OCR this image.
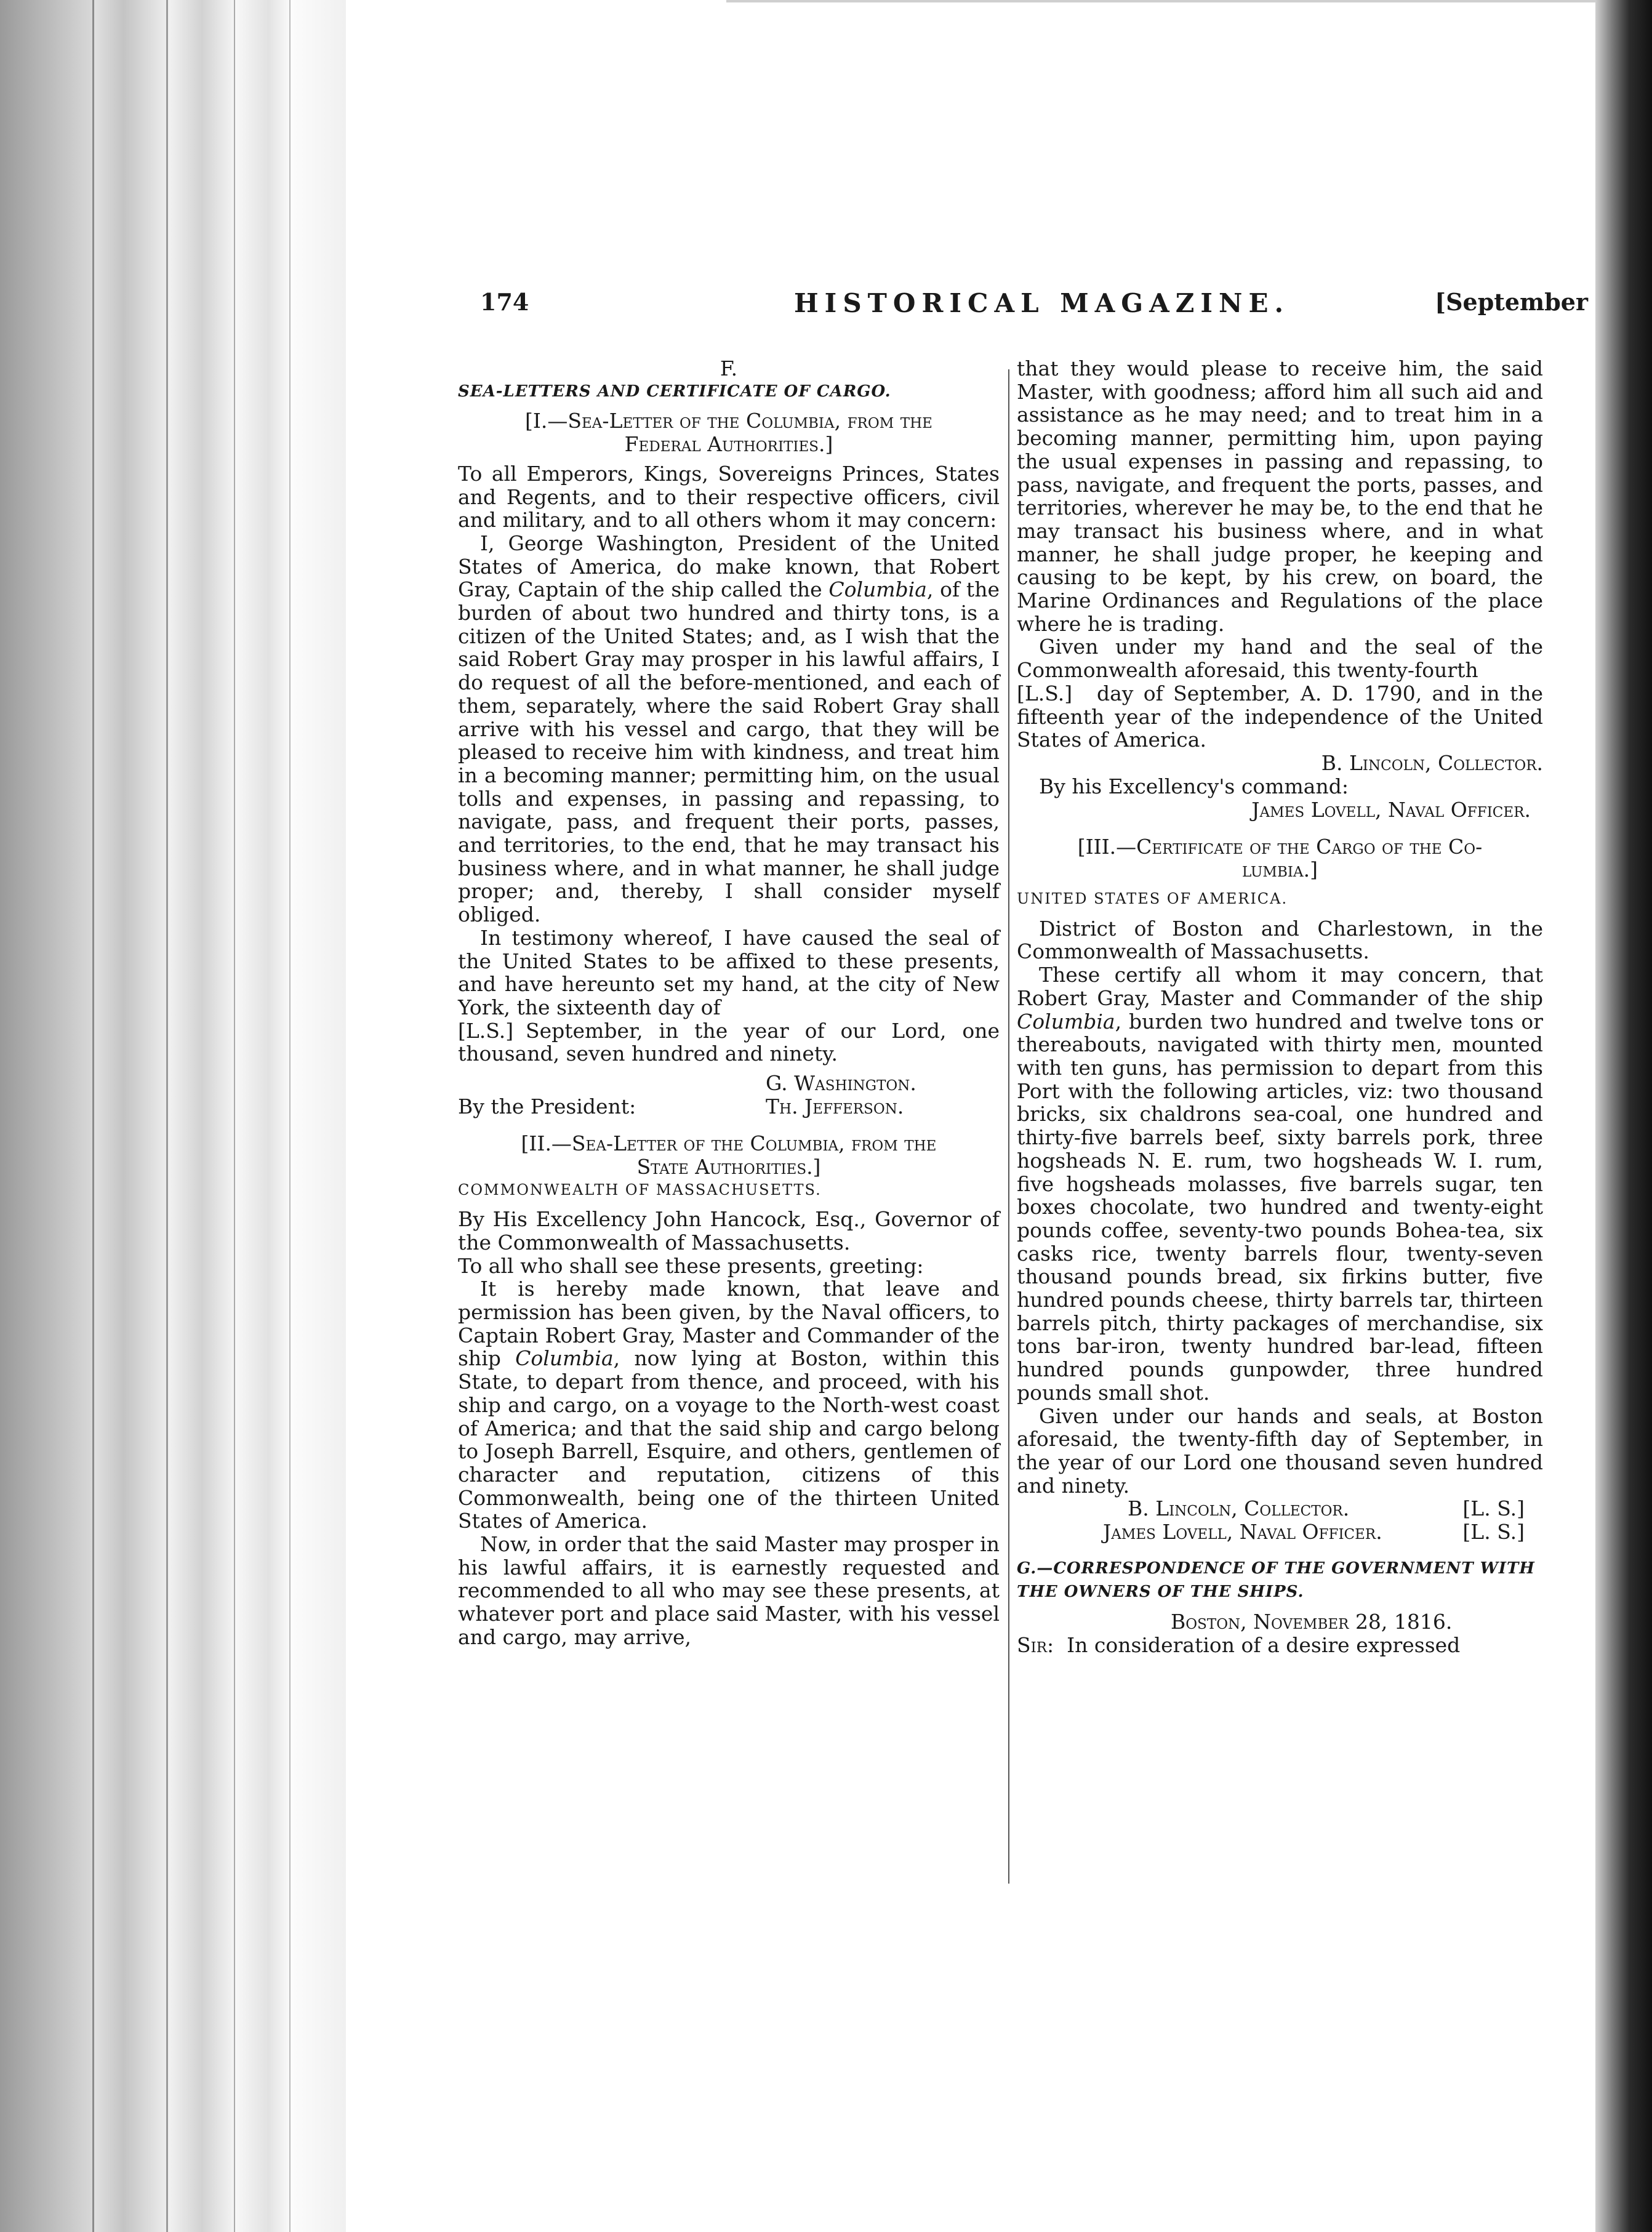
174	HISTORICAL MAGAZINE.	[September

F.

SEA-LETTERS AND CERTIFICATE OF CARGO.

[I.—Sea-Letter of the Columbia, from the

Federal Authorities.]

To all Emperors, Kings, Sovereigns Princes, States and Regents, and to their respective officers, civil and military, and to all others whom it may concern:

I, George Washington, President of the United States of America, do make known, that Robert Gray, Captain of the ship called the Columbia, of the burden of about two hundred and thirty tons, is a citizen of the United States; and, as I wish that the said Robert Gray may prosper in his lawful affairs, I do request of all the before-mentioned, and each of them, separately, where the said Robert Gray shall arrive with his vessel and cargo, that they will be pleased to receive him with kindness, and treat him in a becoming manner; permitting him, on the usual tolls and expenses, in passing and repassing, to navigate, pass, and frequent their ports, passes, and territories, to the end, that he may transact his business where, and in what manner, he shall judge proper; and, thereby, I shall consider myself obliged.

In testimony whereof, I have caused the seal of the United States to be affixed to these presents, and have hereunto set my hand, at the city of New York, the sixteenth day of

[L.S.] September, in the year of our Lord, one thousand, seven hundred and ninety.

G. Washington.
By the President:	Th. Jefferson.

[II.—Sea-Letter of the Columbia, from the

State Authorities.]

COMMONWEALTH OF MASSACHUSETTS.

By His Excellency John Hancock, Esq., Governor of the Commonwealth of Massachusetts.

To all who shall see these presents, greeting:

It is hereby made known, that leave and permission has been given, by the Naval officers, to Captain Robert Gray, Master and Commander of the ship Columbia, now lying at Boston, within this State, to depart from thence, and proceed, with his ship and cargo, on a voyage to the North-west coast of America; and that the said ship and cargo belong to Joseph Barrell, Esquire, and others, gentlemen of character and reputation, citizens of this Commonwealth, being one of the thirteen United States of America.

Now, in order that the said Master may prosper in his lawful affairs, it is earnestly requested and recommended to all who may see these presents, at whatever port and place said Master, with his vessel and cargo, may arrive,

that they would please to receive him, the said Master, with goodness; afford him all such aid and assistance as he may need; and to treat him in a becoming manner, permitting him, upon paying the usual expenses in passing and repassing, to pass, navigate, and frequent the ports, passes, and territories, wherever he may be, to the end that he may transact his business where, and in what manner, he shall judge proper, he keeping and causing to be kept, by his crew, on board, the Marine Ordinances and Regulations of the place where he is trading.

Given under my hand and the seal of the Commonwealth aforesaid, this twenty-fourth

[L.S.] day of September, A. D. 1790, and in the fifteenth year of the independence of the United States of America.

B. Lincoln, Collector.

By his Excellency's command:

James Lovell, Naval Officer.

[III.—Certificate of the Cargo of the Co-

lumbia.]

UNITED STATES OF AMERICA.

District of Boston and Charlestown, in the Commonwealth of Massachusetts.

These certify all whom it may concern, that Robert Gray, Master and Commander of the ship Columbia, burden two hundred and twelve tons or thereabouts, navigated with thirty men, mounted with ten guns, has permission to depart from this Port with the following articles, viz: two thousand bricks, six chaldrons sea-coal, one hundred and thirty-five barrels beef, sixty barrels pork, three hogsheads N. E. rum, two hogsheads W. I. rum, five hogsheads molasses, five barrels sugar, ten boxes chocolate, two hundred and twenty-eight pounds coffee, seventy-two pounds Bohea-tea, six casks rice, twenty barrels flour, twenty-seven thousand pounds bread, six firkins butter, five hundred pounds cheese, thirty barrels tar, thirteen barrels pitch, thirty packages of merchandise, six tons bar-iron, twenty hundred bar-lead, fifteen hundred pounds gunpowder, three hundred pounds small shot.

Given under our hands and seals, at Boston aforesaid, the twenty-fifth day of September, in the year of our Lord one thousand seven hundred and ninety.

B. Lincoln, Collector.	[L. S.]
James Lovell, Naval Officer.	[L. S.]

G.—CORRESPONDENCE OF THE GOVERNMENT WITH

THE OWNERS OF THE SHIPS.

Boston, November 28, 1816.

Sir: In consideration of a desire expressed
